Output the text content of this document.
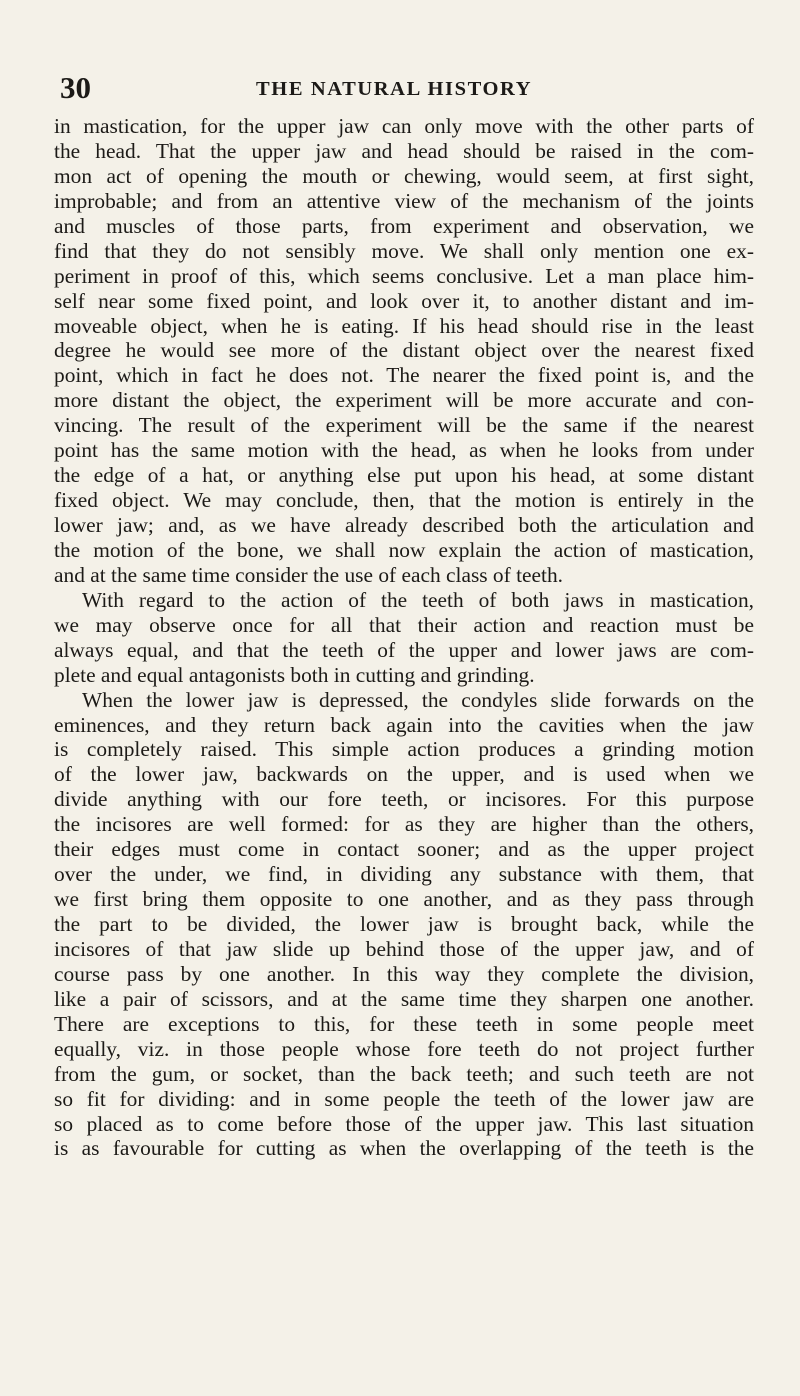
30	THE NATURAL HISTORY
in mastication, for the upper jaw can only move with the other parts of
the head. That the upper jaw and head should be raised in the com-
mon act of opening the mouth or chewing, would seem, at first sight,
improbable; and from an attentive view of the mechanism of the joints
and muscles of those parts, from experiment and observation, we
find that they do not sensibly move. We shall only mention one ex-
periment in proof of this, which seems conclusive. Let a man place him-
self near some fixed point, and look over it, to another distant and im-
moveable object, when he is eating. If his head should rise in the least
degree he would see more of the distant object over the nearest fixed
point, which in fact he does not. The nearer the fixed point is, and the
more distant the object, the experiment will be more accurate and con-
vincing. The result of the experiment will be the same if the nearest
point has the same motion with the head, as when he looks from under
the edge of a hat, or anything else put upon his head, at some distant
fixed object. We may conclude, then, that the motion is entirely in the
lower jaw; and, as we have already described both the articulation and
the motion of the bone, we shall now explain the action of mastication,
and at the same time consider the use of each class of teeth.
With regard to the action of the teeth of both jaws in mastication,
we may observe once for all that their action and reaction must be
always equal, and that the teeth of the upper and lower jaws are com-
plete and equal antagonists both in cutting and grinding.
When the lower jaw is depressed, the condyles slide forwards on the
eminences, and they return back again into the cavities when the jaw
is completely raised. This simple action produces a grinding motion
of the lower jaw, backwards on the upper, and is used when we
divide anything with our fore teeth, or incisores. For this purpose
the incisores are well formed: for as they are higher than the others,
their edges must come in contact sooner; and as the upper project
over the under, we find, in dividing any substance with them, that
we first bring them opposite to one another, and as they pass through
the part to be divided, the lower jaw is brought back, while the
incisores of that jaw slide up behind those of the upper jaw, and of
course pass by one another. In this way they complete the division,
like a pair of scissors, and at the same time they sharpen one another.
There are exceptions to this, for these teeth in some people meet
equally, viz. in those people whose fore teeth do not project further
from the gum, or socket, than the back teeth; and such teeth are not
so fit for dividing: and in some people the teeth of the lower jaw are
so placed as to come before those of the upper jaw. This last situation
is as favourable for cutting as when the overlapping of the teeth is the
